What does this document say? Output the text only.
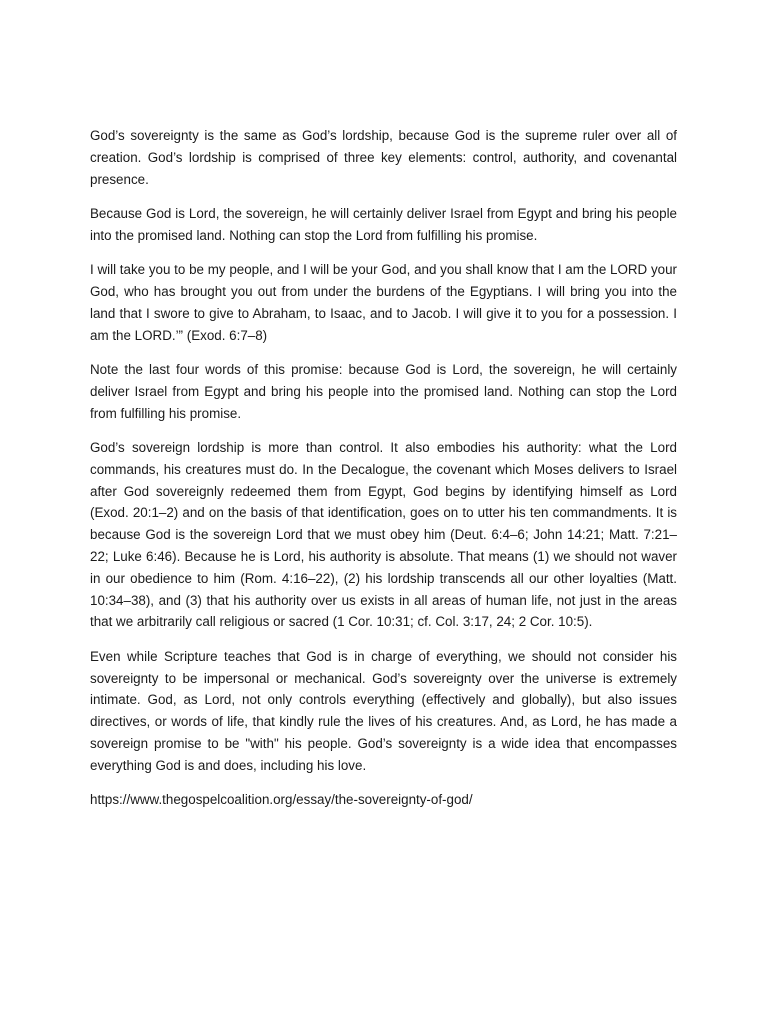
God’s sovereignty is the same as God’s lordship, because God is the supreme ruler over all of creation. God’s lordship is comprised of three key elements: control, authority, and covenantal presence.

Because God is Lord, the sovereign, he will certainly deliver Israel from Egypt and bring his people into the promised land. Nothing can stop the Lord from fulfilling his promise.

I will take you to be my people, and I will be your God, and you shall know that I am the LORD your God, who has brought you out from under the burdens of the Egyptians. I will bring you into the land that I swore to give to Abraham, to Isaac, and to Jacob. I will give it to you for a possession. I am the LORD.’” (Exod. 6:7–8)

Note the last four words of this promise: because God is Lord, the sovereign, he will certainly deliver Israel from Egypt and bring his people into the promised land. Nothing can stop the Lord from fulfilling his promise.

God’s sovereign lordship is more than control. It also embodies his authority: what the Lord commands, his creatures must do. In the Decalogue, the covenant which Moses delivers to Israel after God sovereignly redeemed them from Egypt, God begins by identifying himself as Lord (Exod. 20:1–2) and on the basis of that identification, goes on to utter his ten commandments. It is because God is the sovereign Lord that we must obey him (Deut. 6:4–6; John 14:21; Matt. 7:21–22; Luke 6:46). Because he is Lord, his authority is absolute. That means (1) we should not waver in our obedience to him (Rom. 4:16–22), (2) his lordship transcends all our other loyalties (Matt. 10:34–38), and (3) that his authority over us exists in all areas of human life, not just in the areas that we arbitrarily call religious or sacred (1 Cor. 10:31; cf. Col. 3:17, 24; 2 Cor. 10:5).

Even while Scripture teaches that God is in charge of everything, we should not consider his sovereignty to be impersonal or mechanical. God’s sovereignty over the universe is extremely intimate. God, as Lord, not only controls everything (effectively and globally), but also issues directives, or words of life, that kindly rule the lives of his creatures. And, as Lord, he has made a sovereign promise to be "with" his people. God’s sovereignty is a wide idea that encompasses everything God is and does, including his love.

https://www.thegospelcoalition.org/essay/the-sovereignty-of-god/
